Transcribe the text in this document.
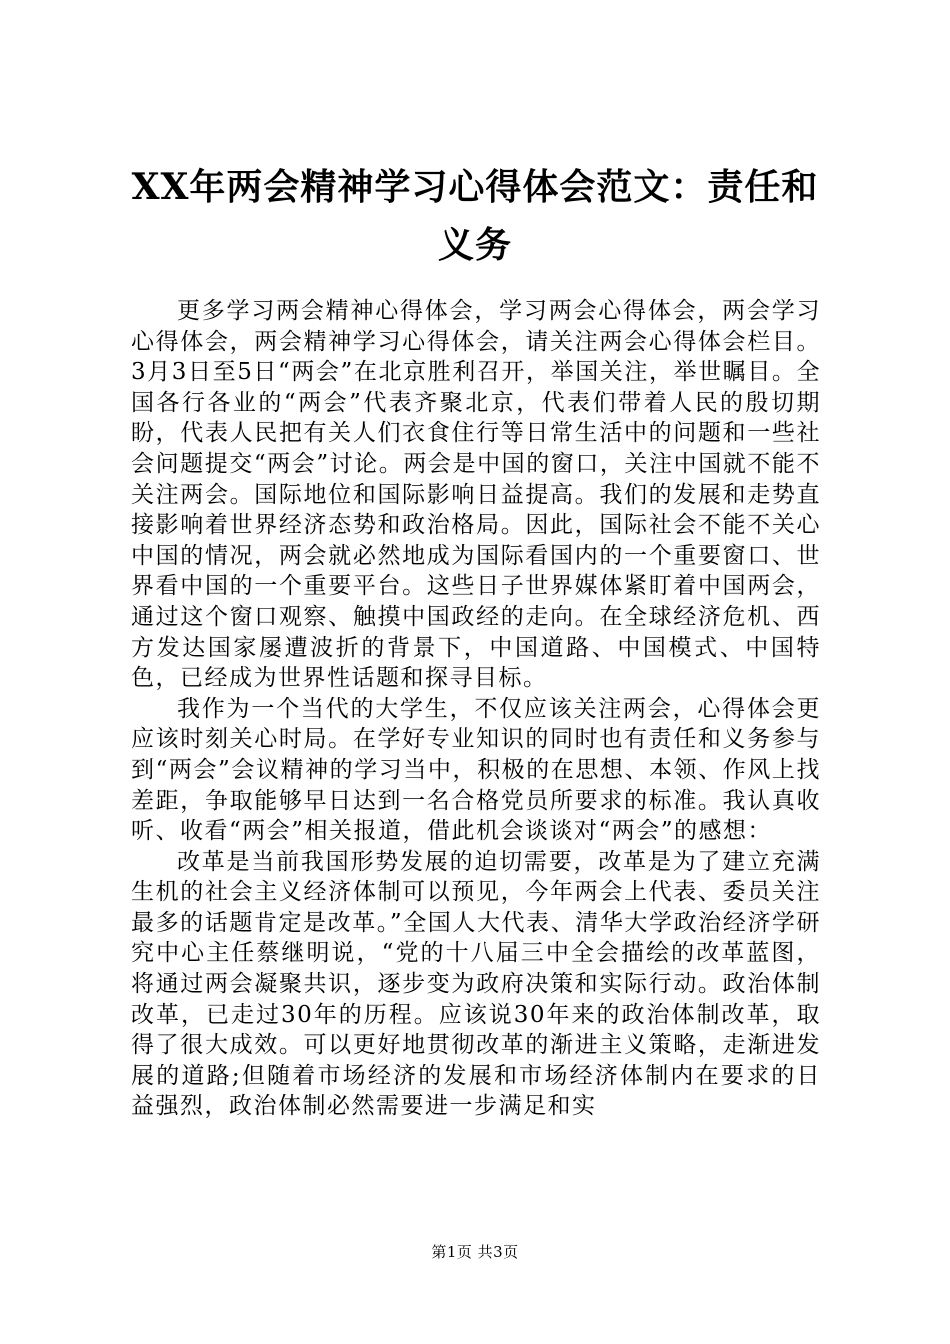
XX年两会精神学习心得体会范文：责任和义务

更多学习两会精神心得体会，学习两会心得体会，两会学习心得体会，两会精神学习心得体会，请关注两会心得体会栏目。3月3日至5日“两会”在北京胜利召开，举国关注，举世瞩目。全国各行各业的“两会”代表齐聚北京，代表们带着人民的殷切期盼，代表人民把有关人们衣食住行等日常生活中的问题和一些社会问题提交“两会”讨论。两会是中国的窗口，关注中国就不能不关注两会。国际地位和国际影响日益提高。我们的发展和走势直接影响着世界经济态势和政治格局。因此，国际社会不能不关心中国的情况，两会就必然地成为国际看国内的一个重要窗口、世界看中国的一个重要平台。这些日子世界媒体紧盯着中国两会，通过这个窗口观察、触摸中国政经的走向。在全球经济危机、西方发达国家屡遭波折的背景下，中国道路、中国模式、中国特色，已经成为世界性话题和探寻目标。

我作为一个当代的大学生，不仅应该关注两会，心得体会更应该时刻关心时局。在学好专业知识的同时也有责任和义务参与到“两会”会议精神的学习当中，积极的在思想、本领、作风上找差距，争取能够早日达到一名合格党员所要求的标准。我认真收听、收看“两会”相关报道，借此机会谈谈对“两会”的感想：

改革是当前我国形势发展的迫切需要，改革是为了建立充满生机的社会主义经济体制可以预见，今年两会上代表、委员关注最多的话题肯定是改革。”全国人大代表、清华大学政治经济学研究中心主任蔡继明说，“党的十八届三中全会描绘的改革蓝图，将通过两会凝聚共识，逐步变为政府决策和实际行动。政治体制改革，已走过30年的历程。应该说30年来的政治体制改革，取得了很大成效。可以更好地贯彻改革的渐进主义策略，走渐进发展的道路;但随着市场经济的发展和市场经济体制内在要求的日益强烈，政治体制必然需要进一步满足和实

第1页 共3页
